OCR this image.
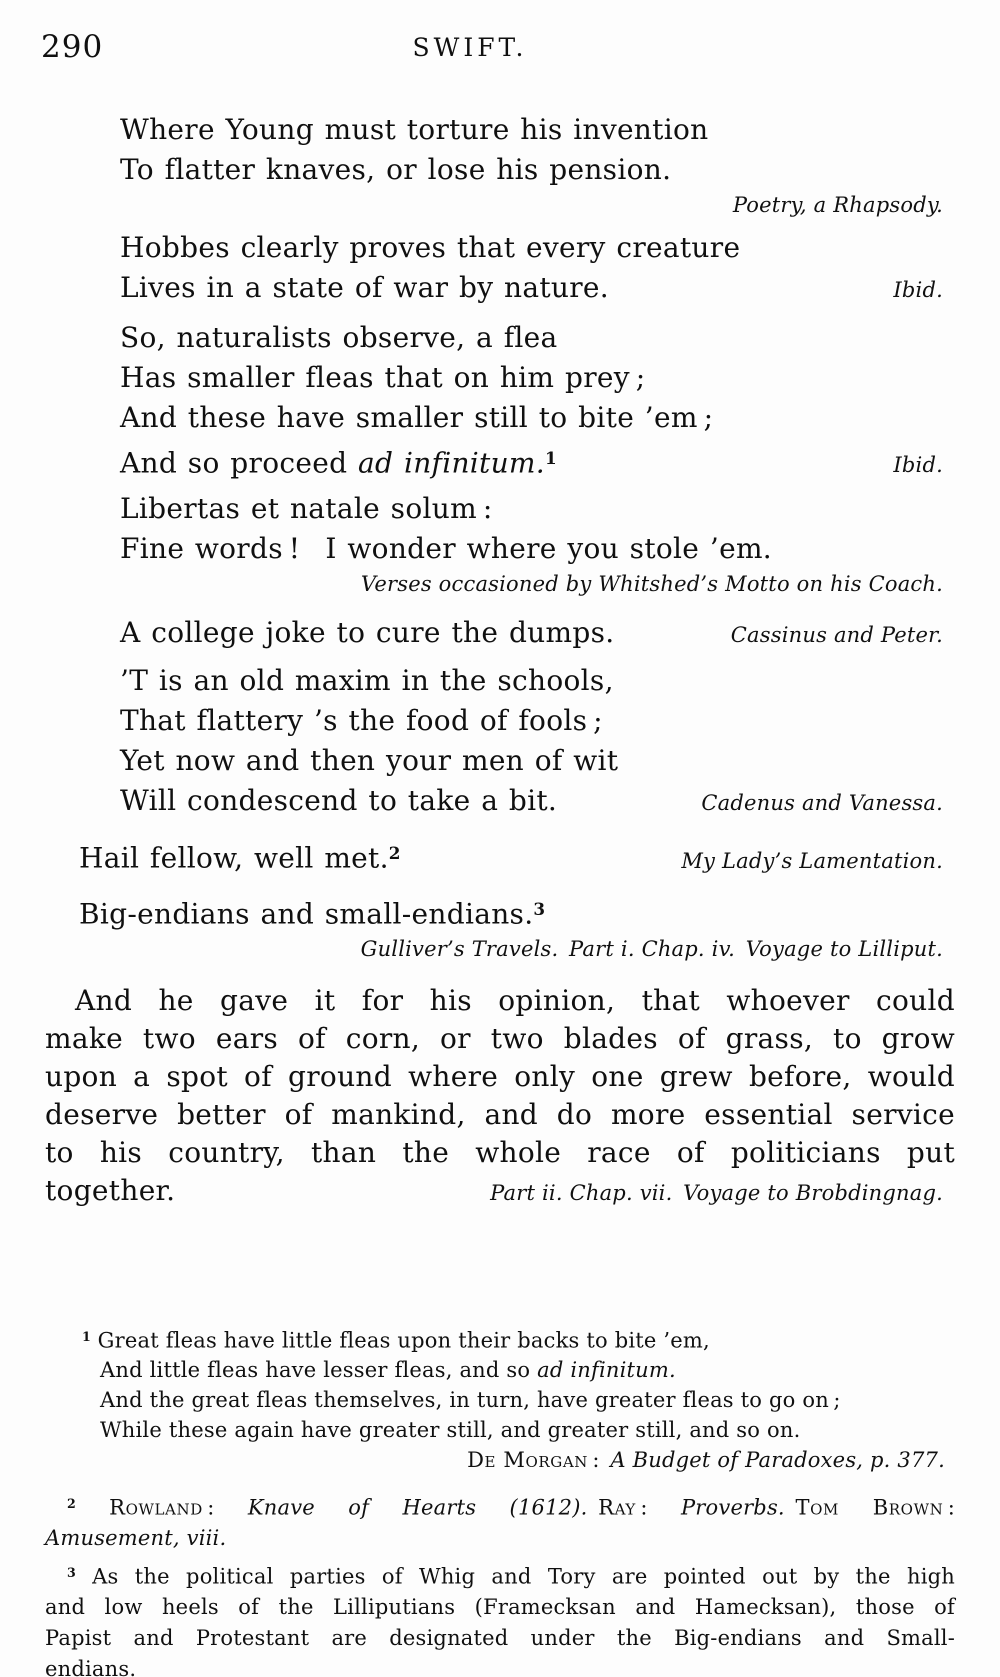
290	SWIFT.
Where Young must torture his invention
To flatter knaves, or lose his pension.
Poetry, a Rhapsody.
Hobbes clearly proves that every creature
Lives in a state of war by nature.	Ibid.
So, naturalists observe, a flea
Has smaller fleas that on him prey ;
And these have smaller still to bite ’em ;
And so proceed ad infinitum.$^1$	Ibid.
Libertas et natale solum :
Fine words !  I wonder where you stole ’em.
Verses occasioned by Whitshed’s Motto on his Coach.
A college joke to cure the dumps.	Cassinus and Peter.
’T is an old maxim in the schools,
That flattery ’s the food of fools ;
Yet now and then your men of wit
Will condescend to take a bit.	Cadenus and Vanessa.
Hail fellow, well met.$^2$	My Lady’s Lamentation.
Big-endians and small-endians.$^3$
Gulliver’s Travels. Part i. Chap. iv. Voyage to Lilliput.
And he gave it for his opinion, that whoever could
make two ears of corn, or two blades of grass, to grow
upon a spot of ground where only one grew before, would
deserve better of mankind, and do more essential service
to his country, than the whole race of politicians put
together.	Part ii. Chap. vii. Voyage to Brobdingnag.
$^1$ Great fleas have little fleas upon their backs to bite ’em,
And little fleas have lesser fleas, and so ad infinitum.
And the great fleas themselves, in turn, have greater fleas to go on ;
While these again have greater still, and greater still, and so on.
De Morgan : A Budget of Paradoxes, p. 377.
$^2$ Rowland : Knave of Hearts (1612).  Ray : Proverbs.  Tom Brown :
Amusement, viii.
$^3$ As the political parties of Whig and Tory are pointed out by the high
and low heels of the Lilliputians (Framecksan and Hamecksan), those of
Papist and Protestant are designated under the Big-endians and Small-
endians.
